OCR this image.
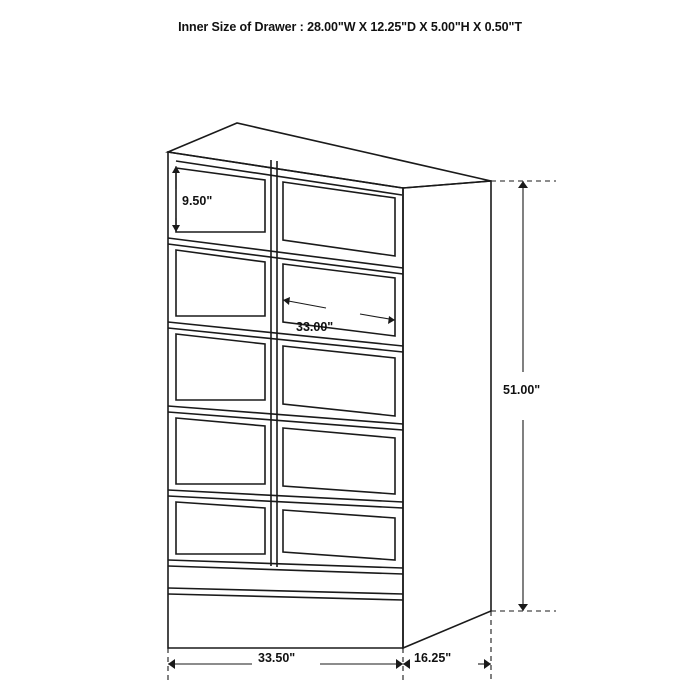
Inner Size of Drawer : 28.00"W X 12.25"D X 5.00"H X 0.50"T
9.50"
33.00"
51.00"
33.50"	16.25"
